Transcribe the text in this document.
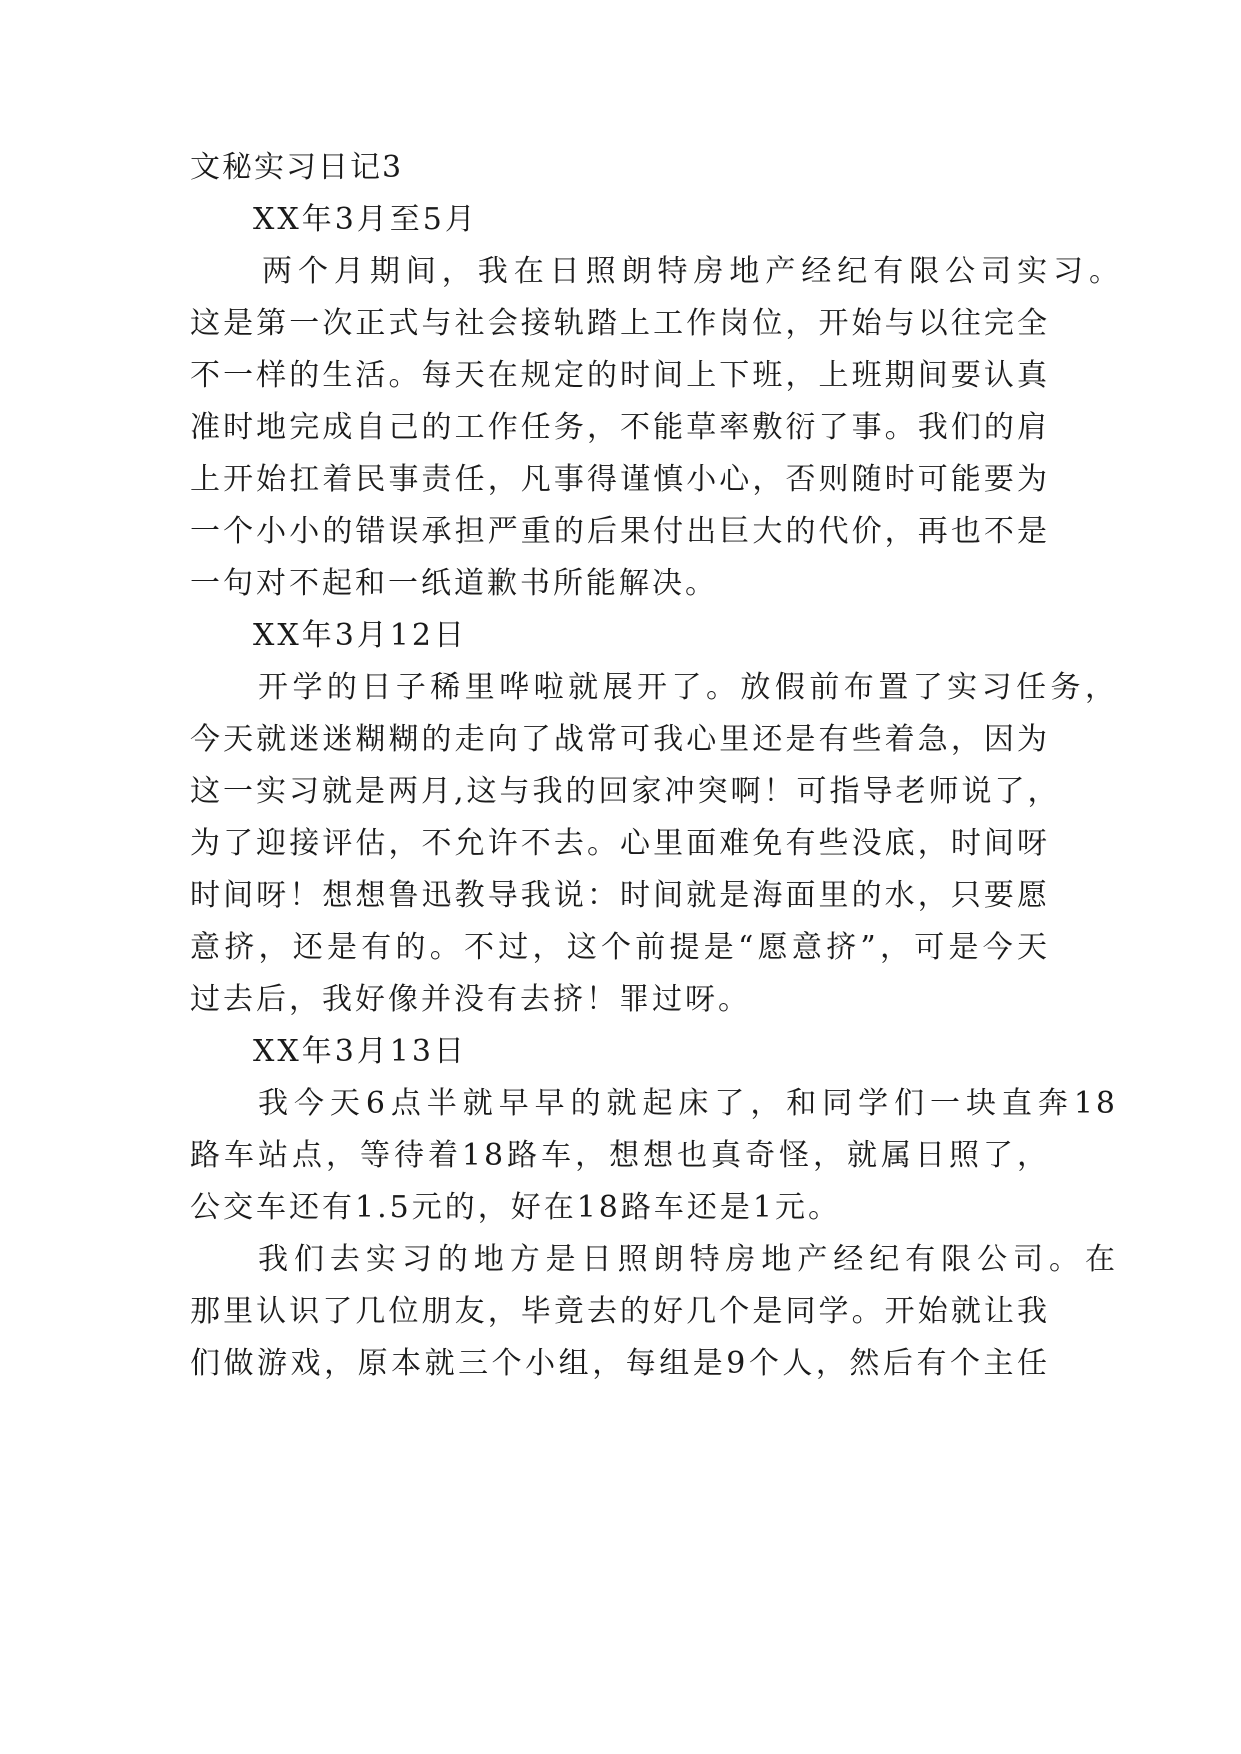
文秘实习日记3
XX年3月至5月
两个月期间，我在日照朗特房地产经纪有限公司实习。
这是第一次正式与社会接轨踏上工作岗位，开始与以往完全
不一样的生活。每天在规定的时间上下班，上班期间要认真
准时地完成自己的工作任务，不能草率敷衍了事。我们的肩
上开始扛着民事责任，凡事得谨慎小心，否则随时可能要为
一个小小的错误承担严重的后果付出巨大的代价，再也不是
一句对不起和一纸道歉书所能解决。
XX年3月12日
开学的日子稀里哗啦就展开了。放假前布置了实习任务，
今天就迷迷糊糊的走向了战常可我心里还是有些着急，因为
这一实习就是两月,这与我的回家冲突啊！可指导老师说了，
为了迎接评估，不允许不去。心里面难免有些没底，时间呀
时间呀！想想鲁迅教导我说：时间就是海面里的水，只要愿
意挤，还是有的。不过，这个前提是“愿意挤”，可是今天
过去后，我好像并没有去挤！罪过呀。
XX年3月13日
我今天6点半就早早的就起床了，和同学们一块直奔18
路车站点，等待着18路车，想想也真奇怪，就属日照了，
公交车还有1.5元的，好在18路车还是1元。
我们去实习的地方是日照朗特房地产经纪有限公司。在
那里认识了几位朋友，毕竟去的好几个是同学。开始就让我
们做游戏，原本就三个小组，每组是9个人，然后有个主任
